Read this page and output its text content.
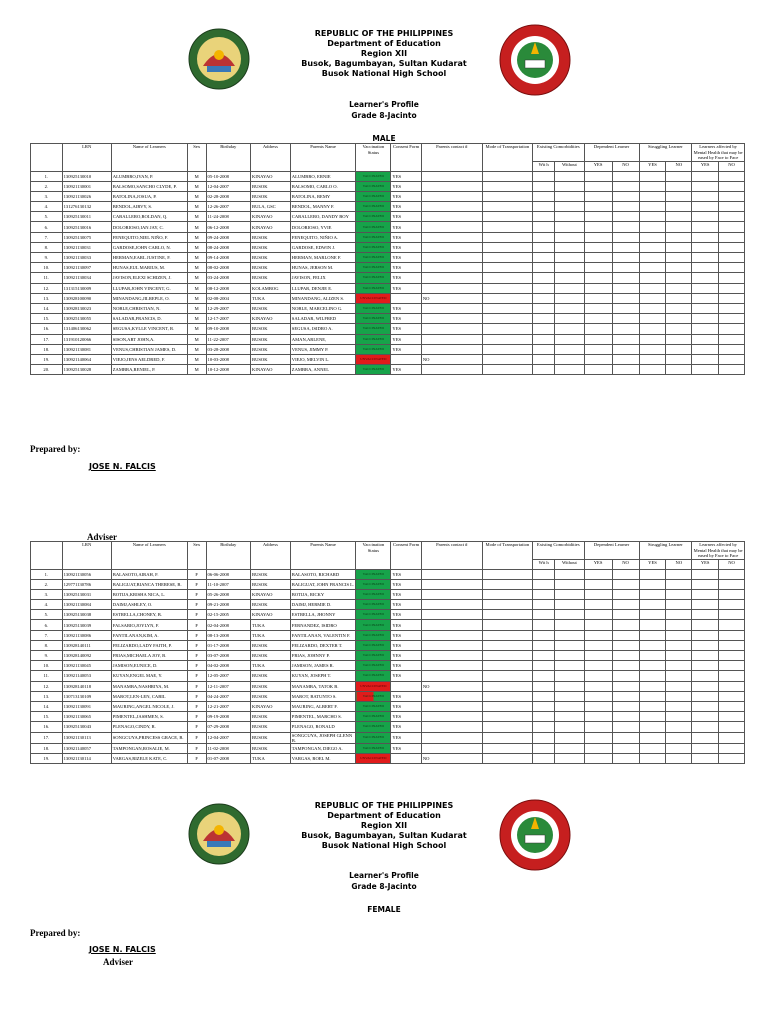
REPUBLIC OF THE PHILIPPINES
Department of Education
Region XII
Busok, Bagumbayan, Sultan Kudarat
Busok National High School
Learner's Profile
Grade 8-Jacinto
MALE
	LRN	Name of Learners	Sex	Birthday	Address	Parents Name	Vaccination Status	Consent Form	Parents contact #	Mode of Transportation	Existing Comorbidities		Dependent Learner		Struggling Learner		Learners affected by Mental Health that may be eased by Face to Face	
											Wit h	Without	YES	NO	YES	NO	YES	NO
1.	130925130010	ALUMBRO,IVAN, P.	M	05-10-2008	KINAYAO	ALUMBRO, ERNIE	VACCINATED	YES										
2.	130921130001	BALSOMO,SANCHO CLYDE, P.	M	12-04-2007	BUSOK	BALSOMO, CARLO O.	VACCINATED	YES										
3.	130921130026	BATOLINA,JOSUA, P.	M	02-28-2008	BUSOK	BATOLINA, REMY	VACCINATED	YES										
4.	131276130132	BENDOL,AIRVY, S.	M	12-26-2007	BULA, GSC	BENDOL, MANNY F.	VACCINATED	YES										
5.	130925130011	CABALLERO,ROLDAN, Q.	M	11-24-2008	KINAYAO	CABALLERO, DANDY BOY	VACCINATED	YES										
6.	130925130016	DOLORIOSO,IAN JAY, C.	M	06-12-2008	KINAYAO	DOLORIOSO, YVIE	VACCINATED	YES										
7.	130925130075	FENEQUITO,NIEL NIÑO, F.	M	09-24-2008	BUSOK	FENEQUITO, NIÑIO A.	VACCINATED	YES										
8.	130921130031	GARDOSE,JOHN CARLO, N.	M	08-24-2008	BUSOK	GARDOSE, EDWIN J.	VACCINATED	YES										
9.	130921130033	HERMAN,EARL JUSTINE, F.	M	09-14-2008	BUSOK	HERMAN, MARLONE F.	VACCINATED	YES										
10.	130921130097	HUNAS,EUL MARIUS, M.	M	08-02-2008	BUSOK	HUNAS, JERSON M.	VACCINATED	YES										
11.	130921130034	JAVISON,ELEXI SCHIZEN, J.	M	03-24-2008	BUSOK	JAVISON, FELIX	VACCINATED	YES										
12.	131315130009	LLUPAR,JOHN VINCENT, G.	M	08-12-2008	KOLAMBOG	LLUPAR, DENJIE E.	VACCINATED	YES										
13.	130928100090	MINANDANG,JILREPLE, O.	M	02-08-2004	TUKA	MINANDANG, ALIZEN S.	UNVACCINATED		NO									
14.	130928130023	NOBLE,CHRISTIAN, N.	M	12-29-2007	BUSOK	NOBLE, MARCELINO G.	VACCINATED	YES										
15.	130925130055	SALADAR,FRANCIS, D.	M	12-17-2007	KINAYAO	SALADAR, WILFRED	VACCINATED	YES										
16.	131406130062	SEGUSA,KYLLE VINCENT, R.	M	09-10-2008	BUSOK	SEGUSA, ISIDRO A.	VACCINATED	YES										
17.	131910120066	SISON,ART JOHN,A.	M	11-22-2007	BUSOK	AMAN,ARLENE,	VACCINATED	YES										
18.	130921130081	VENUS,CHRISTIAN JAMES, D.	M	03-28-2008	BUSOK	VENUS, JIMMY P.	VACCINATED	YES										
19.	130921140064	VIEJO,JENS AELDRED, F.	M	10-03-2008	BUSOK	VIEJO, MELVIN L.	UNVACCINATED		NO									
20.	130925130028	ZAMBRA,RENIEL, P.	M	10-12-2008	KINAYAO	ZAMBRA, ANNEL	VACCINATED	YES										
Prepared by:
JOSE N. FALCIS
Adviser
	LRN	Name of Learners	Sex	Birthday	Address	Parents Name	Vaccination Status	Consent Form	Parents contact #	Mode of Transportation	Existing Comorbidities		Dependent Learner		Struggling Learner		Learners affected by Mental Health that may be eased by Face to Face	
											Wit h	Without	YES	NO	YES	NO	YES	NO
1.	130921130056	BALASOTO,AIRAH, F.	F	06-06-2008	BUSOK	BALASOTO, RICHARD	VACCINATED	YES										
2.	129771130786	BALIGUAT,BIANCA THERESE, B.	F	11-10-2007	BUSOK	BALIGUAT, JOHN FRANCIS L.	VACCINATED	YES										
3.	130925130031	BOTIJA,KRISHA NICA, L.	F	05-26-2008	KINAYAO	BOTIJA, RICKY	VACCINATED	YES										
4.	130921130084	DAIMJ,ASHLEY, O.	F	09-21-2008	BUSOK	DAIMJ, HERMIE D.	VACCINATED	YES										
5.	130925130038	ESTRELLA,CHONEY, B.	F	02-15-2005	KINAYAO	ESTRELLA, JHONNY	VACCINATED	YES										
6.	130925130039	FALSARIO,JOYLYN, F.	F	02-04-2008	TUKA	FERNANDEZ, ISIDRO	VACCINATED	YES										
7.	130921130086	FANTILANAN,KIM, A.	F	08-13-2008	TUKA	FANTILANAN, VALENTIN F.	VACCINATED	YES										
8.	130928140111	FELIZARDO,LADY FAITH, P.	F	01-17-2008	BUSOK	FELIZARDO, DEXTER T.	VACCINATED	YES										
9.	130928140092	FRIAS,MICHAELA JOY, B.	F	03-07-2008	BUSOK	FRIAS, JOHNNY P.	VACCINATED	YES										
10.	130921130045	JAMISON,EUNICE, D.	F	04-02-2008	TUKA	JAMISON, JAMES R.	VACCINATED	YES										
11.	130921140053	KUYAN,ENGEL MAE, Y.	F	12-05-2007	BUSOK	KUYAN, JOSEPH T.	VACCINATED	YES										
12.	130928140118	MANAMBA,NASHRIYA, M.	F	12-11-2007	BUSOK	MANAMBA, TATOK B.	UNVACCINATED		NO									
13.	130713130109	MAROT,LEN-LEN, CABIL	F	04-24-2007	BUSOK	MAROT, BATUNTO S.	VACCINATED	YES										
14.	130921130091	MAURING,ANGEL NICOLE, J.	F	12-21-2007	KINAYAO	MAURING, ALBERT F.	VACCINATED	YES										
15.	130921130065	PIMENTEL,JASHMEN, S.	F	09-19-2008	BUSOK	PIMENTEL, MARCHO S.	VACCINATED	YES										
16.	130925130043	PLENAGO,CINDY, R.	F	07-29-2008	BUSOK	PLENAGO, RONALD	VACCINATED	YES										
17.	130921130113	SONGCUYA,PRINCESS GRACE, B.	F	12-04-2007	BUSOK	SONGCUYA, JOSEPH GLENN B.	VACCINATED	YES										
18.	130921140057	TAMPONGAN,ROSALIE, M.	F	11-02-2008	BUSOK	TAMPONGAN, DIEGO A.	VACCINATED	YES										
19.	130921130114	VARGAS,RIZELE KATE, C.	F	01-07-2008	TUKA	VARGAS, ROEL M.	UNVACCINATED		NO									
REPUBLIC OF THE PHILIPPINES
Department of Education
Region XII
Busok, Bagumbayan, Sultan Kudarat
Busok National High School
Learner's Profile
Grade 8-Jacinto
FEMALE
Prepared by:
JOSE N. FALCIS
Adviser
